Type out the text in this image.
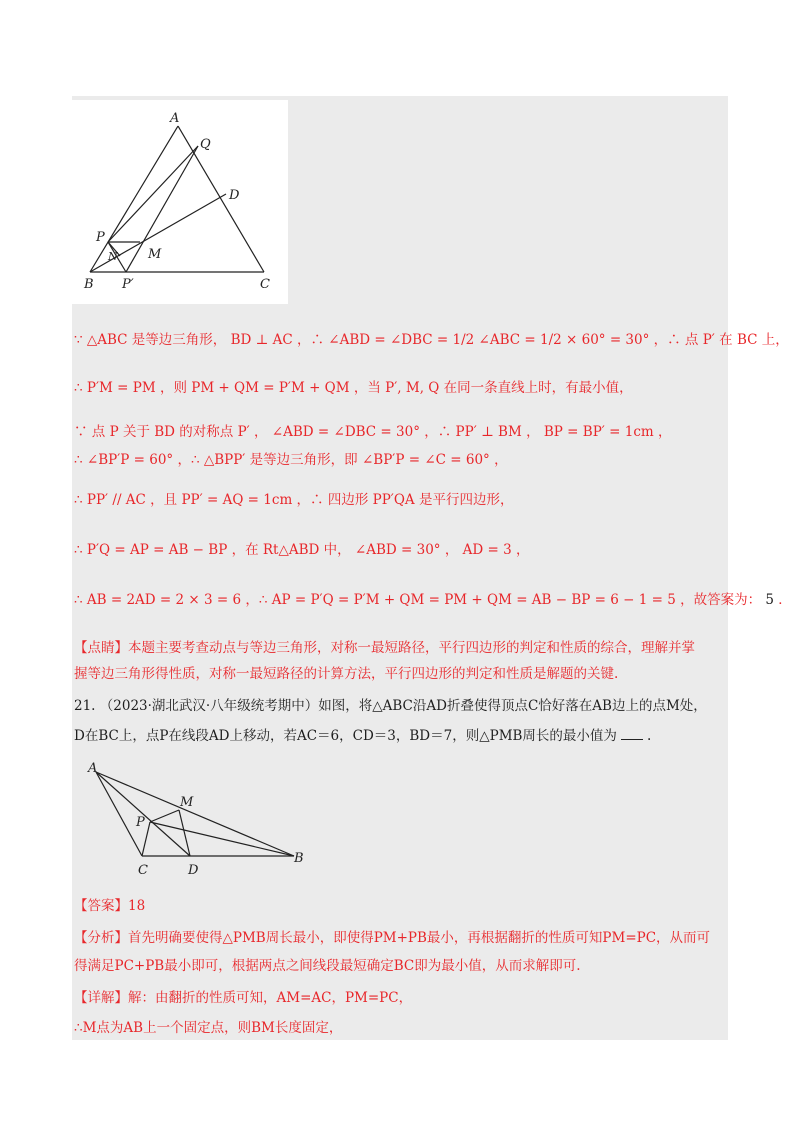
A
Q
D
P
N M
B P′	C
∵ △ABC 是等边三角形， BD ⊥ AC ，∴ ∠ABD = ∠DBC = 1/2 ∠ABC = 1/2 × 60° = 30° ，∴ 点 P′ 在 BC 上，
∴ P′M = PM ，则 PM + QM = P′M + QM ，当 P′, M, Q 在同一条直线上时，有最小值，
∵ 点 P 关于 BD 的对称点 P′ ， ∠ABD = ∠DBC = 30° ，∴ PP′ ⊥ BM ， BP = BP′ = 1cm ，
∴ ∠BP′P = 60° ，∴ △BPP′ 是等边三角形，即 ∠BP′P = ∠C = 60° ，
∴ PP′ // AC ，且 PP′ = AQ = 1cm ，∴ 四边形 PP′QA 是平行四边形，
∴ P′Q = AP = AB − BP ，在 Rt△ABD 中， ∠ABD = 30° ， AD = 3 ，
∴ AB = 2AD = 2 × 3 = 6 ，∴ AP = P′Q = P′M + QM = PM + QM = AB − BP = 6 − 1 = 5 ，故答案为： 5 ．
【点睛】本题主要考查动点与等边三角形，对称一最短路径，平行四边形的判定和性质的综合，理解并掌
握等边三角形得性质，对称一最短路径的计算方法，平行四边形的判定和性质是解题的关键.
21. （2023·湖北武汉·八年级统考期中）如图，将△ABC沿AD折叠使得顶点C恰好落在AB边上的点M处，
D在BC上，点P在线段AD上移动，若AC＝6，CD＝3，BD＝7，则△PMB周长的最小值为 .
A
M
P
C	D
B
【答案】18
【分析】首先明确要使得△PMB周长最小，即使得PM+PB最小，再根据翻折的性质可知PM=PC，从而可
得满足PC+PB最小即可，根据两点之间线段最短确定BC即为最小值，从而求解即可.
【详解】解：由翻折的性质可知，AM=AC，PM=PC，
∴M点为AB上一个固定点，则BM长度固定，
